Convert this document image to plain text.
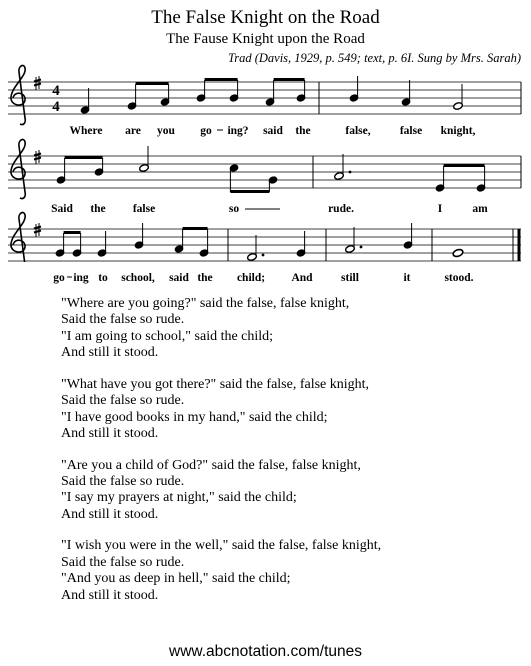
The False Knight on the Road
The Fause Knight upon the Road
Trad (Davis, 1929, p. 549; text, p. 6I. Sung by Mrs. Sarah)
4
4
Where are you go ing? said the	false,	false knight,
Said the false	so	rude.	I	am
"Where are you going?" said the false, false knight,
Said the false so rude.
"I am going to school," said the child;
And still it stood.
"What have you got there?" said the false, false knight,
Said the false so rude.
"I have good books in my hand," said the child;
And still it stood.
"Are you a child of God?" said the false, false knight,
Said the false so rude.
"I say my prayers at night," said the child;
And still it stood.
"I wish you were in the well," said the false, false knight,
Said the false so rude.
"And you as deep in hell," said the child;
And still it stood.
www.abcnotation.com/tunes
go ing to school, said the child; And still	it	stood.
